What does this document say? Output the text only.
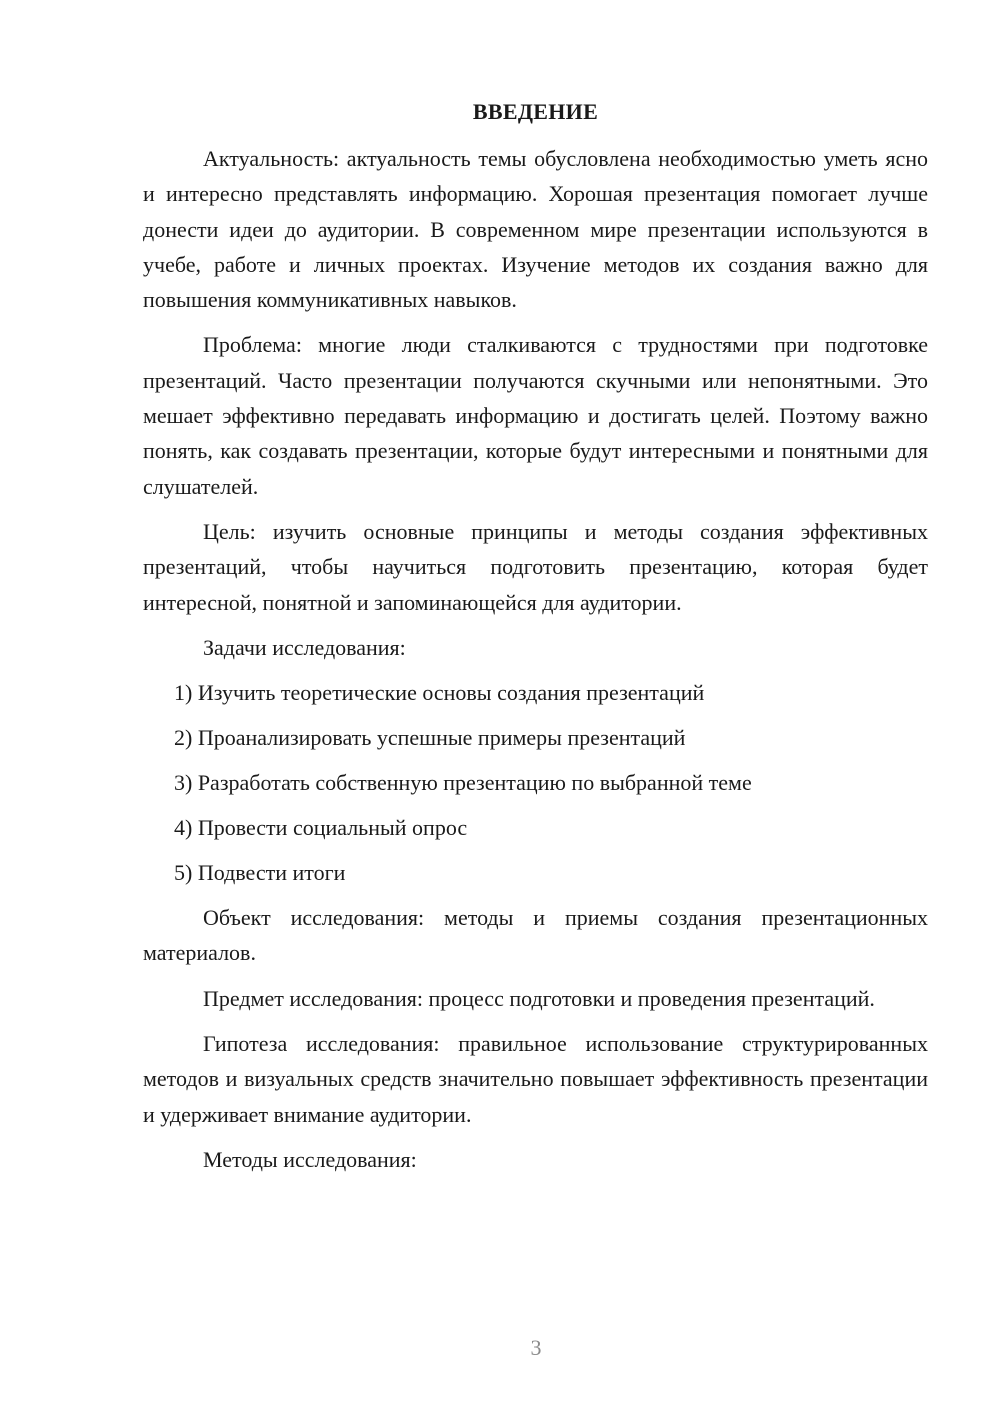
ВВЕДЕНИЕ

Актуальность: актуальность темы обусловлена необходимостью уметь ясно и интересно представлять информацию. Хорошая презентация помогает лучше донести идеи до аудитории. В современном мире презентации используются в учебе, работе и личных проектах. Изучение методов их создания важно для повышения коммуникативных навыков.

Проблема: многие люди сталкиваются с трудностями при подготовке презентаций. Часто презентации получаются скучными или непонятными. Это мешает эффективно передавать информацию и достигать целей. Поэтому важно понять, как создавать презентации, которые будут интересными и понятными для слушателей.

Цель: изучить основные принципы и методы создания эффективных презентаций, чтобы научиться подготовить презентацию, которая будет интересной, понятной и запоминающейся для аудитории.

Задачи исследования:

1) Изучить теоретические основы создания презентаций
2) Проанализировать успешные примеры презентаций
3) Разработать собственную презентацию по выбранной теме
4) Провести социальный опрос
5) Подвести итоги

Объект исследования: методы и приемы создания презентационных материалов.

Предмет исследования: процесс подготовки и проведения презентаций.

Гипотеза исследования: правильное использование структурированных методов и визуальных средств значительно повышает эффективность презентации и удерживает внимание аудитории.

Методы исследования:

3
